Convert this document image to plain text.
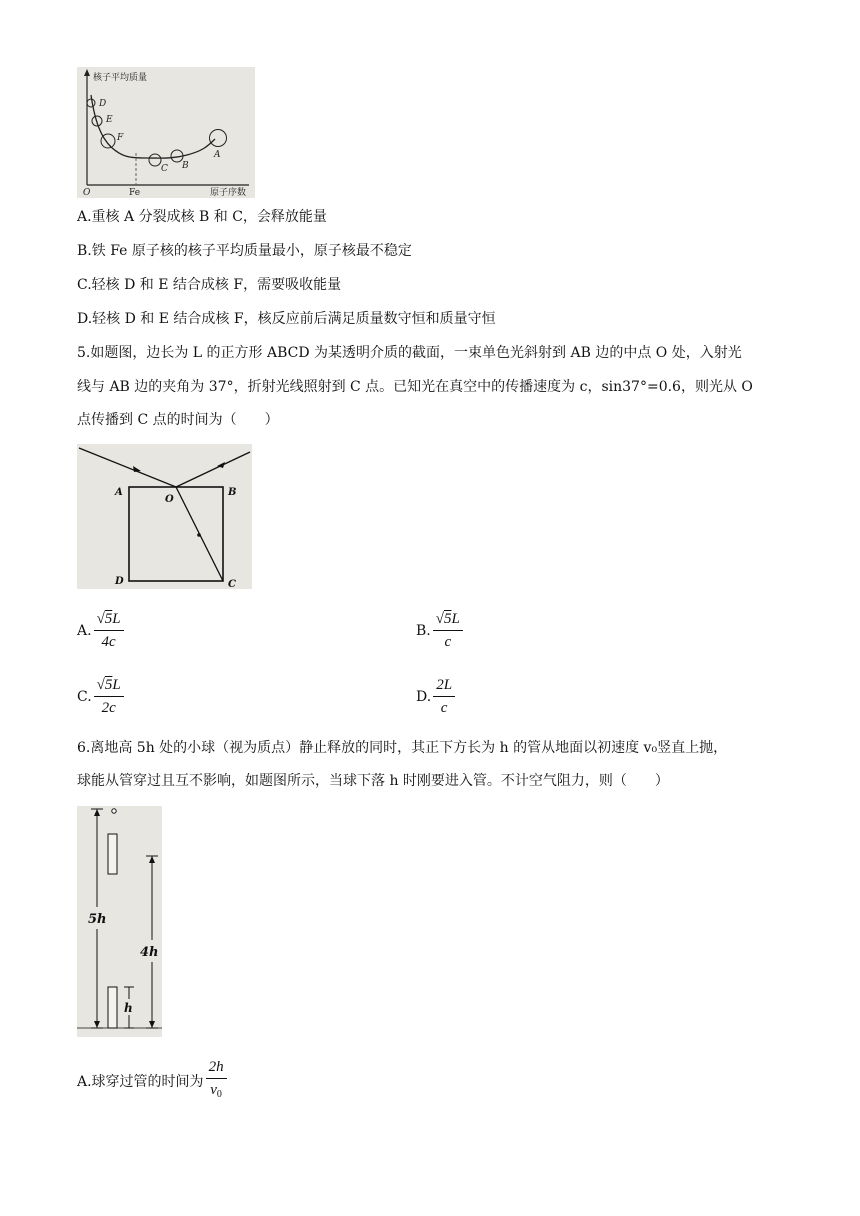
核子平均质量
原子序数
O	Fe
D
E
F
C B
A
A.重核 A 分裂成核 B 和 C，会释放能量
B.铁 Fe 原子核的核子平均质量最小，原子核最不稳定
C.轻核 D 和 E 结合成核 F，需要吸收能量
D.轻核 D 和 E 结合成核 F，核反应前后满足质量数守恒和质量守恒
5.如题图，边长为 L 的正方形 ABCD 为某透明介质的截面，一束单色光斜射到 AB 边的中点 O 处，入射光
线与 AB 边的夹角为 37°，折射光线照射到 C 点。已知光在真空中的传播速度为 c，sin37°=0.6，则光从 O
点传播到 C 点的时间为（　　）
A	B
O
D	C
A. $\frac{√5L}{4c}$	B. $\frac{√5L}{c}$
C. $\frac{√5L}{2c}$	D. $\frac{2L}{c}$
6.离地高 5h 处的小球（视为质点）静止释放的同时，其正下方长为 h 的管从地面以初速度 v₀竖直上抛，
球能从管穿过且互不影响，如题图所示，当球下落 h 时刚要进入管。不计空气阻力，则（　　）
5h
4h
h
A.球穿过管的时间为 $\frac{2h}{v_0}$
